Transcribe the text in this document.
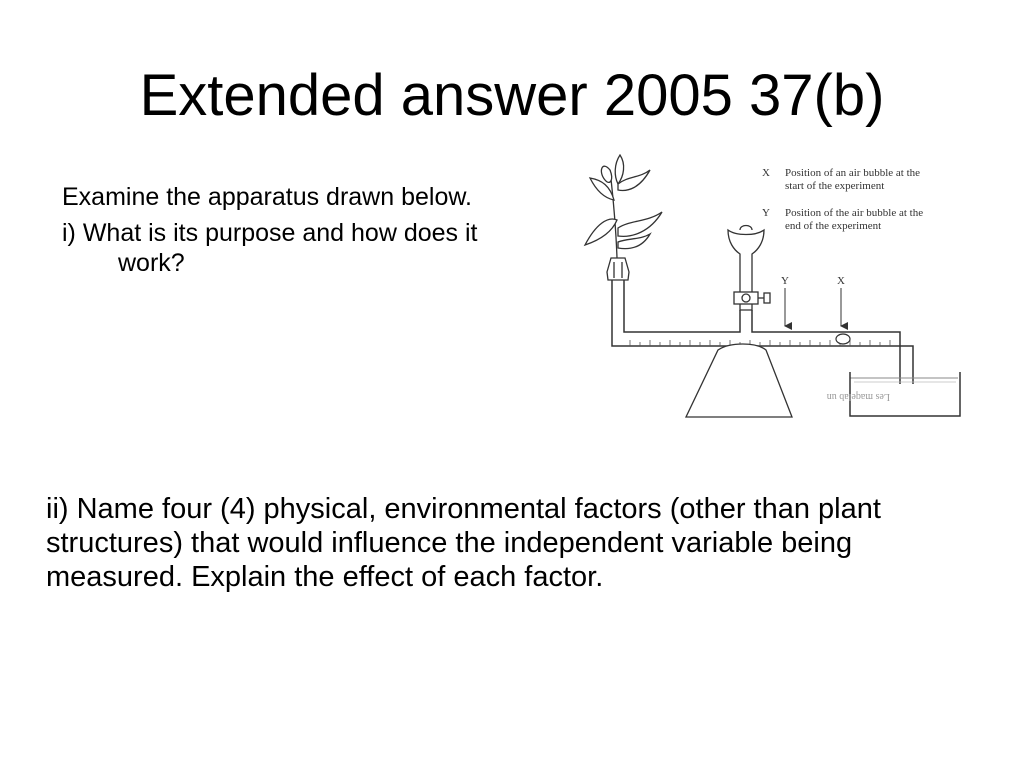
Extended answer 2005 37(b)

Examine the apparatus drawn below.

i) What is its purpose and how does it work?

ii) Name four (4) physical, environmental factors (other than plant structures) that would influence the independent variable being measured. Explain the effect of each factor.

X Position of an air bubble at the
start of the experiment
Y Position of the air bubble at the
end of the experiment
Y	X
Les maqelab un
